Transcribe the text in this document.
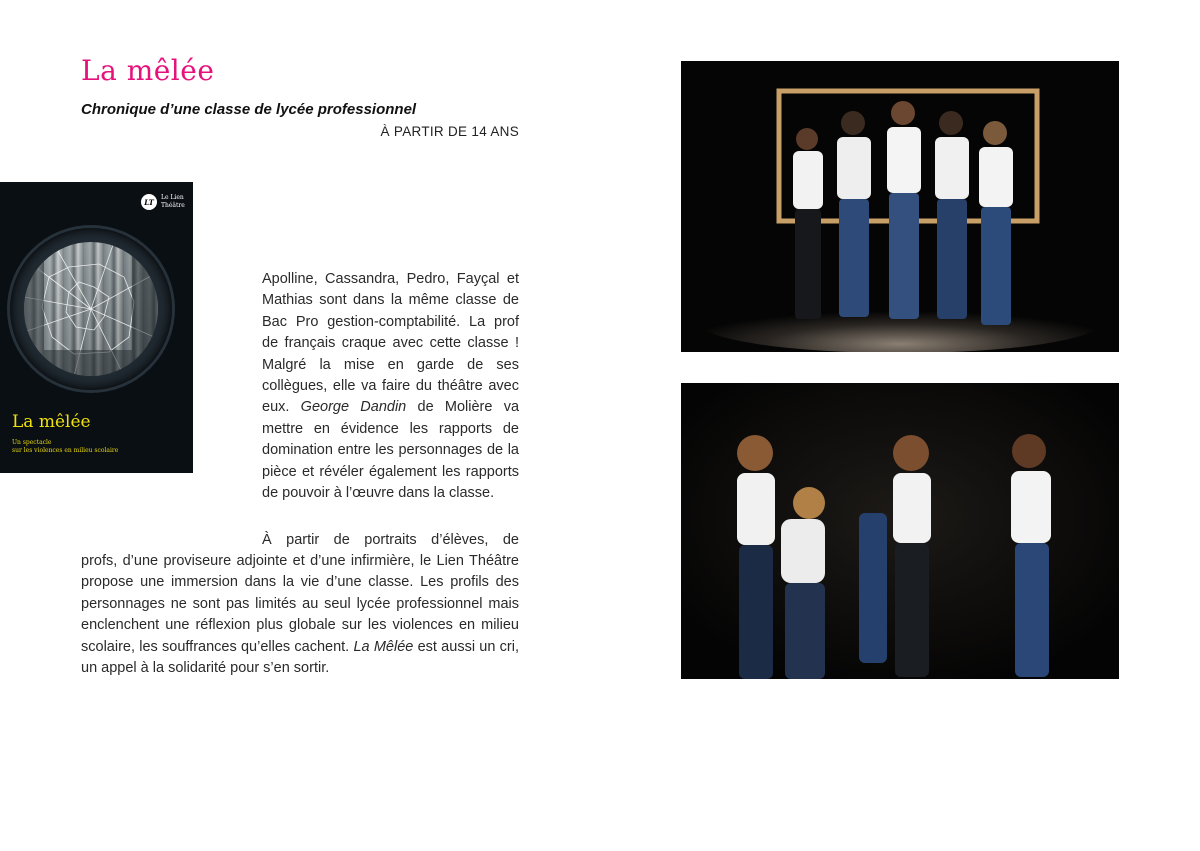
La mêlée
Chronique d’une classe de lycée professionnel
À PARTIR DE 14 ANS
LT	Le Lien
Théâtre
La mêlée
Un spectacle
sur les violences en milieu scolaire

Apolline, Cassandra, Pedro, Fayçal et Mathias sont dans la même classe de Bac Pro gestion-comptabilité. La prof de français craque avec cette classe ! Malgré la mise en garde de ses collègues, elle va faire du théâtre avec eux. George Dandin de Molière va mettre en évidence les rapports de domination entre les personnages de la pièce et révéler également les rapports de pouvoir à l’œuvre dans la classe.

À partir de portraits d’élèves, de

profs, d’une proviseure adjointe et d’une infirmière, le Lien Théâtre propose une immersion dans la vie d’une classe. Les profils des personnages ne sont pas limités au seul lycée professionnel mais enclenchent une réflexion plus globale sur les violences en milieu scolaire, les souffrances qu’elles cachent. La Mêlée est aussi un cri, un appel à la solidarité pour s’en sortir.
